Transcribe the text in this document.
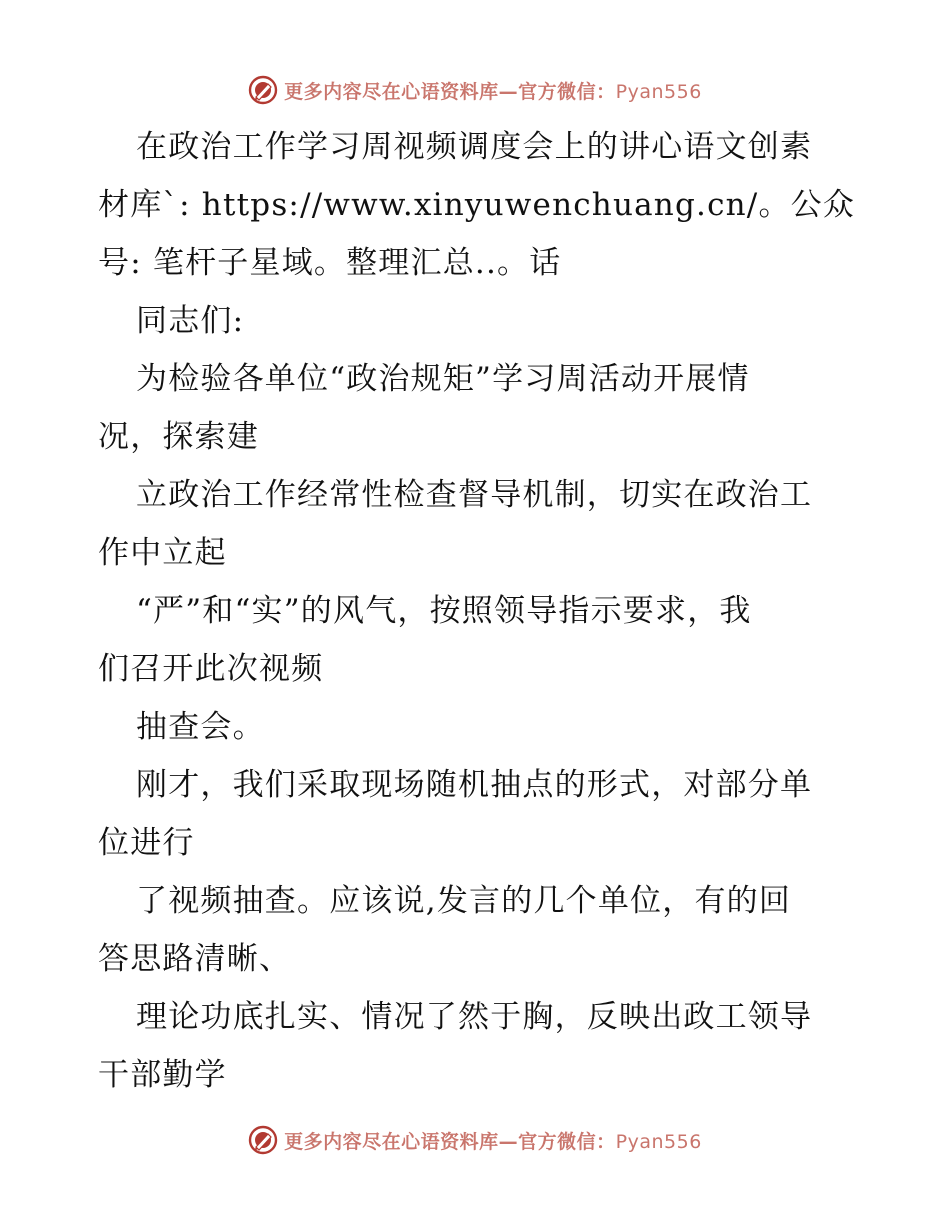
更多内容尽在心语资料库—官方微信：Pyan556
在政治工作学习周视频调度会上的讲心语文创素
材库`: https://www.xinyuwenchuang.cn/。公众
号: 笔杆子星域。整理汇总..。话
同志们:
为检验各单位“政治规矩”学习周活动开展情
况，探索建
立政治工作经常性检查督导机制，切实在政治工
作中立起
“严”和“实”的风气，按照领导指示要求，我
们召开此次视频
抽查会。
刚才，我们采取现场随机抽点的形式，对部分单
位进行
了视频抽查。应该说,发言的几个单位，有的回
答思路清晰、
理论功底扎实、情况了然于胸，反映出政工领导
干部勤学
更多内容尽在心语资料库—官方微信：Pyan556
